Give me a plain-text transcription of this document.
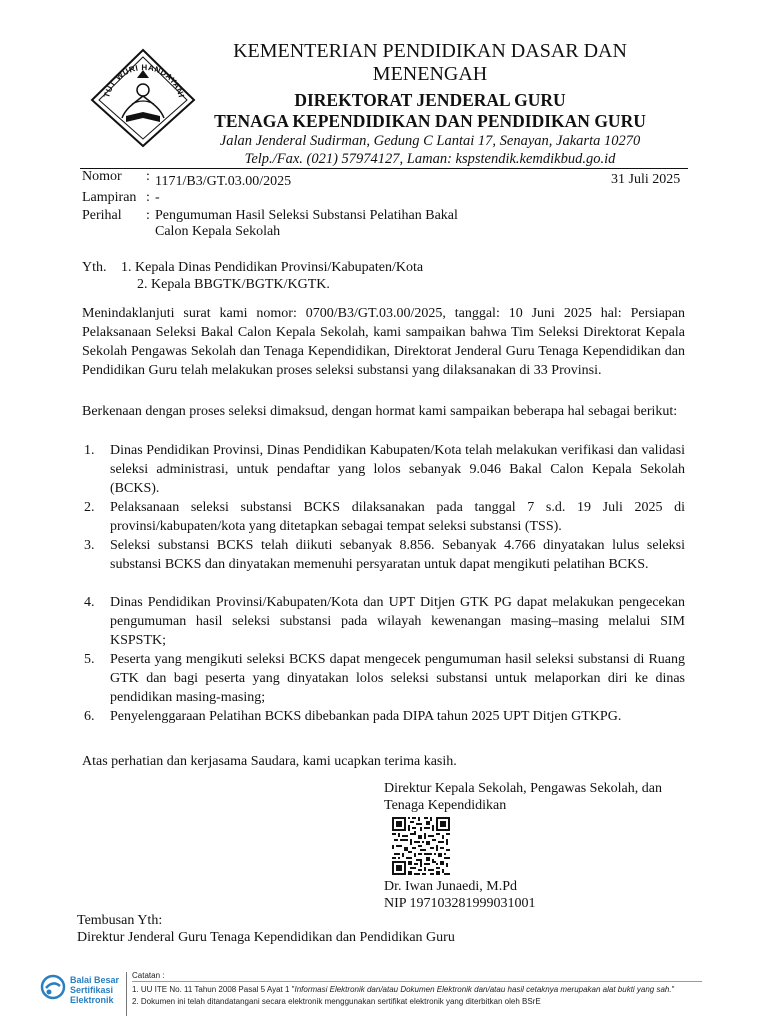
TUT WURI HANDAYANI
KEMENTERIAN PENDIDIKAN DASAR DAN MENENGAH
DIREKTORAT JENDERAL GURU
TENAGA KEPENDIDIKAN DAN PENDIDIKAN GURU
Jalan Jenderal Sudirman, Gedung C Lantai 17, Senayan, Jakarta 10270
Telp./Fax. (021) 57974127, Laman: kspstendik.kemdikbud.go.id
Nomor : 1171/B3/GT.03.00/2025	31 Juli 2025
Lampiran : -
Perihal : Pengumuman Hasil Seleksi Substansi Pelatihan Bakal
Calon Kepala Sekolah
Yth. 1. Kepala Dinas Pendidikan Provinsi/Kabupaten/Kota
2. Kepala BBGTK/BGTK/KGTK.
Menindaklanjuti surat kami nomor: 0700/B3/GT.03.00/2025, tanggal: 10 Juni 2025 hal: Persiapan Pelaksanaan Seleksi Bakal Calon Kepala Sekolah, kami sampaikan bahwa Tim Seleksi Direktorat Kepala Sekolah Pengawas Sekolah dan Tenaga Kependidikan, Direktorat Jenderal Guru Tenaga Kependidikan dan Pendidikan Guru telah melakukan proses seleksi substansi yang dilaksanakan di 33 Provinsi.
Berkenaan dengan proses seleksi dimaksud, dengan hormat kami sampaikan beberapa hal sebagai berikut:
1. Dinas Pendidikan Provinsi, Dinas Pendidikan Kabupaten/Kota telah melakukan verifikasi dan validasi seleksi administrasi, untuk pendaftar yang lolos sebanyak 9.046 Bakal Calon Kepala Sekolah (BCKS).
2. Pelaksanaan seleksi substansi BCKS dilaksanakan pada tanggal 7 s.d. 19 Juli 2025 di provinsi/kabupaten/kota yang ditetapkan sebagai tempat seleksi substansi (TSS).
3. Seleksi substansi BCKS telah diikuti sebanyak 8.856. Sebanyak 4.766 dinyatakan lulus seleksi substansi BCKS dan dinyatakan memenuhi persyaratan untuk dapat mengikuti pelatihan BCKS.
4. Dinas Pendidikan Provinsi/Kabupaten/Kota dan UPT Ditjen GTK PG dapat melakukan pengecekan pengumuman hasil seleksi substansi pada wilayah kewenangan masing–masing melalui SIM KSPSTK;
5. Peserta yang mengikuti seleksi BCKS dapat mengecek pengumuman hasil seleksi substansi di Ruang GTK dan bagi peserta yang dinyatakan lolos seleksi substansi untuk melaporkan diri ke dinas pendidikan masing-masing;
6. Penyelenggaraan Pelatihan BCKS dibebankan pada DIPA tahun 2025 UPT Ditjen GTKPG.
Atas perhatian dan kerjasama Saudara, kami ucapkan terima kasih.
Direktur Kepala Sekolah, Pengawas Sekolah, dan
Tenaga Kependidikan
Dr. Iwan Junaedi, M.Pd
NIP 197103281999031001
Tembusan Yth:
Direktur Jenderal Guru Tenaga Kependidikan dan Pendidikan Guru
Balai Besar
Sertifikasi
Elektronik
Catatan :
1. UU ITE No. 11 Tahun 2008 Pasal 5 Ayat 1 "Informasi Elektronik dan/atau Dokumen Elektronik dan/atau hasil cetaknya merupakan alat bukti yang sah."
2. Dokumen ini telah ditandatangani secara elektronik menggunakan sertifikat elektronik yang diterbitkan oleh BSrE
